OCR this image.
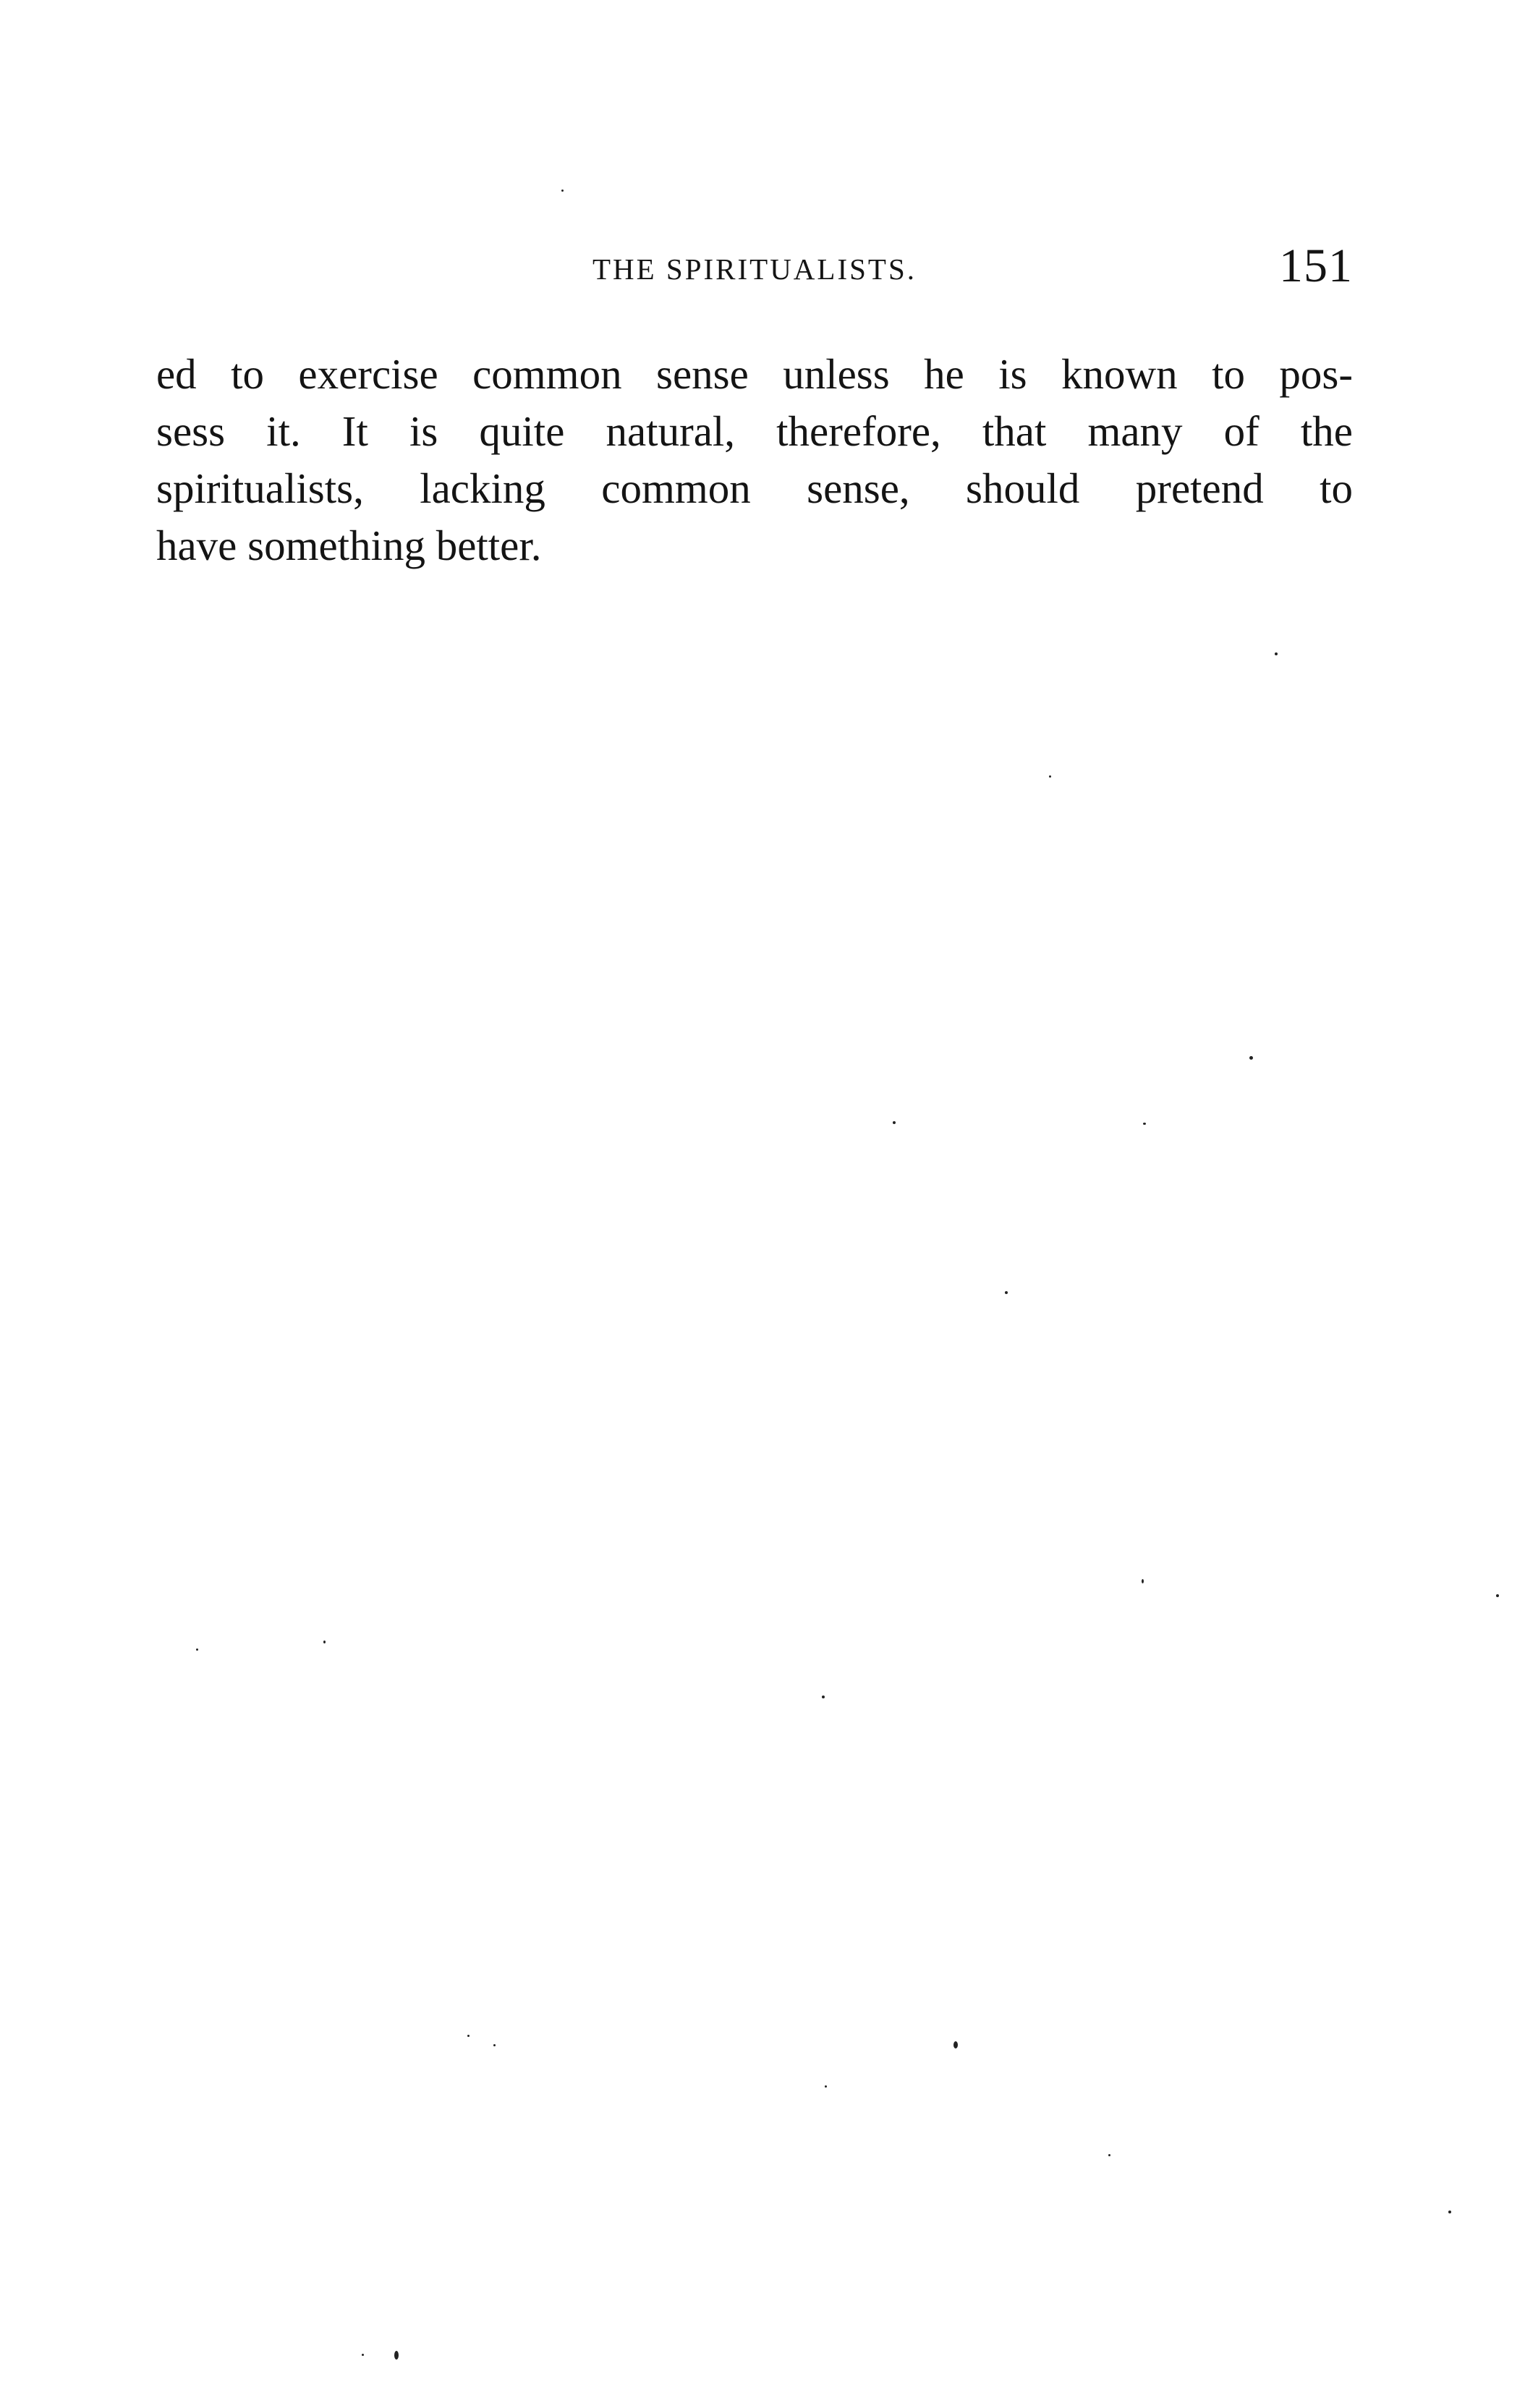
THE SPIRITUALISTS.	151

ed to exercise common sense unless he is known to pos-
sess it. It is quite natural, therefore, that many of the
spiritualists, lacking common sense, should pretend to
have something better.
